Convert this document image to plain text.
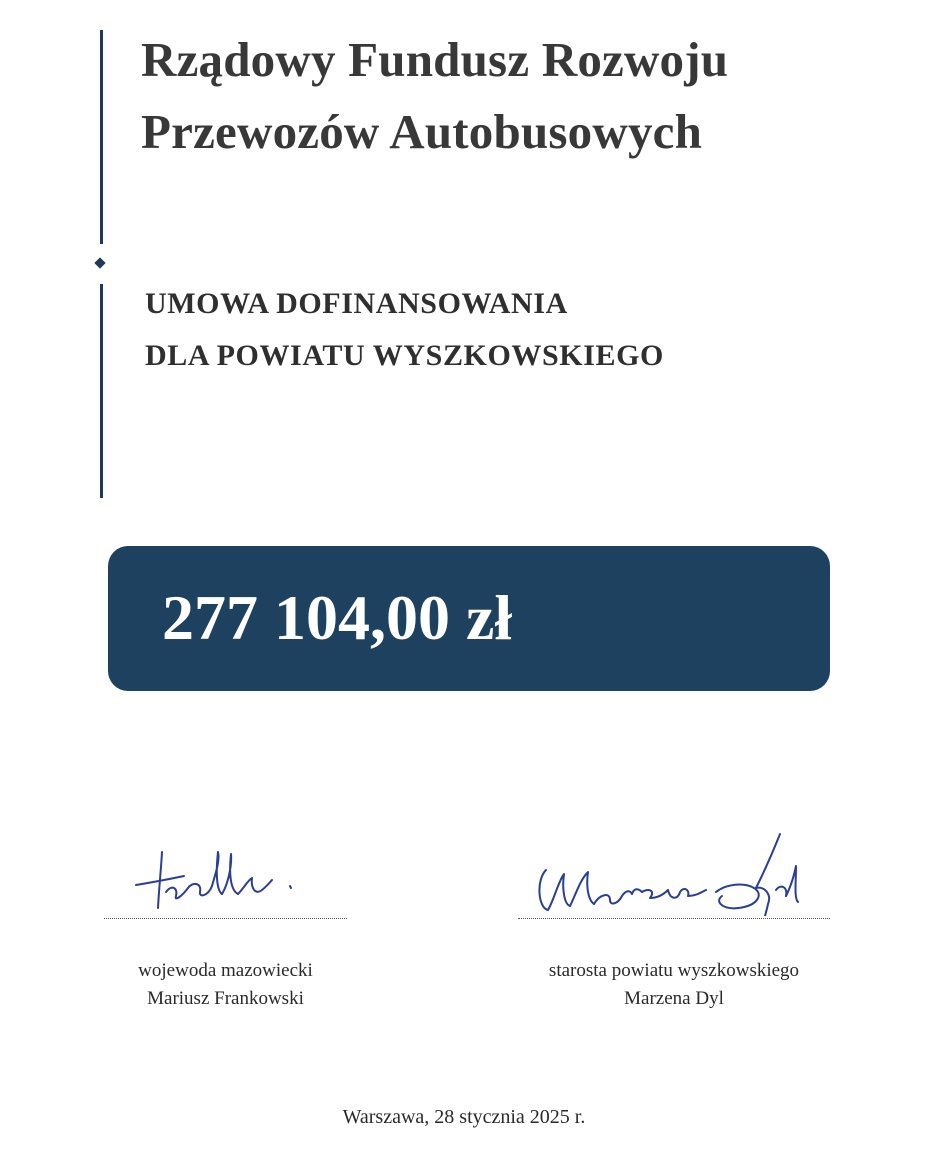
Rządowy Fundusz Rozwoju
Przewozów Autobusowych
UMOWA DOFINANSOWANIA
DLA POWIATU WYSZKOWSKIEGO
277 104,00 zł
wojewoda mazowiecki
Mariusz Frankowski
starosta powiatu wyszkowskiego
Marzena Dyl
Warszawa, 28 stycznia 2025 r.
